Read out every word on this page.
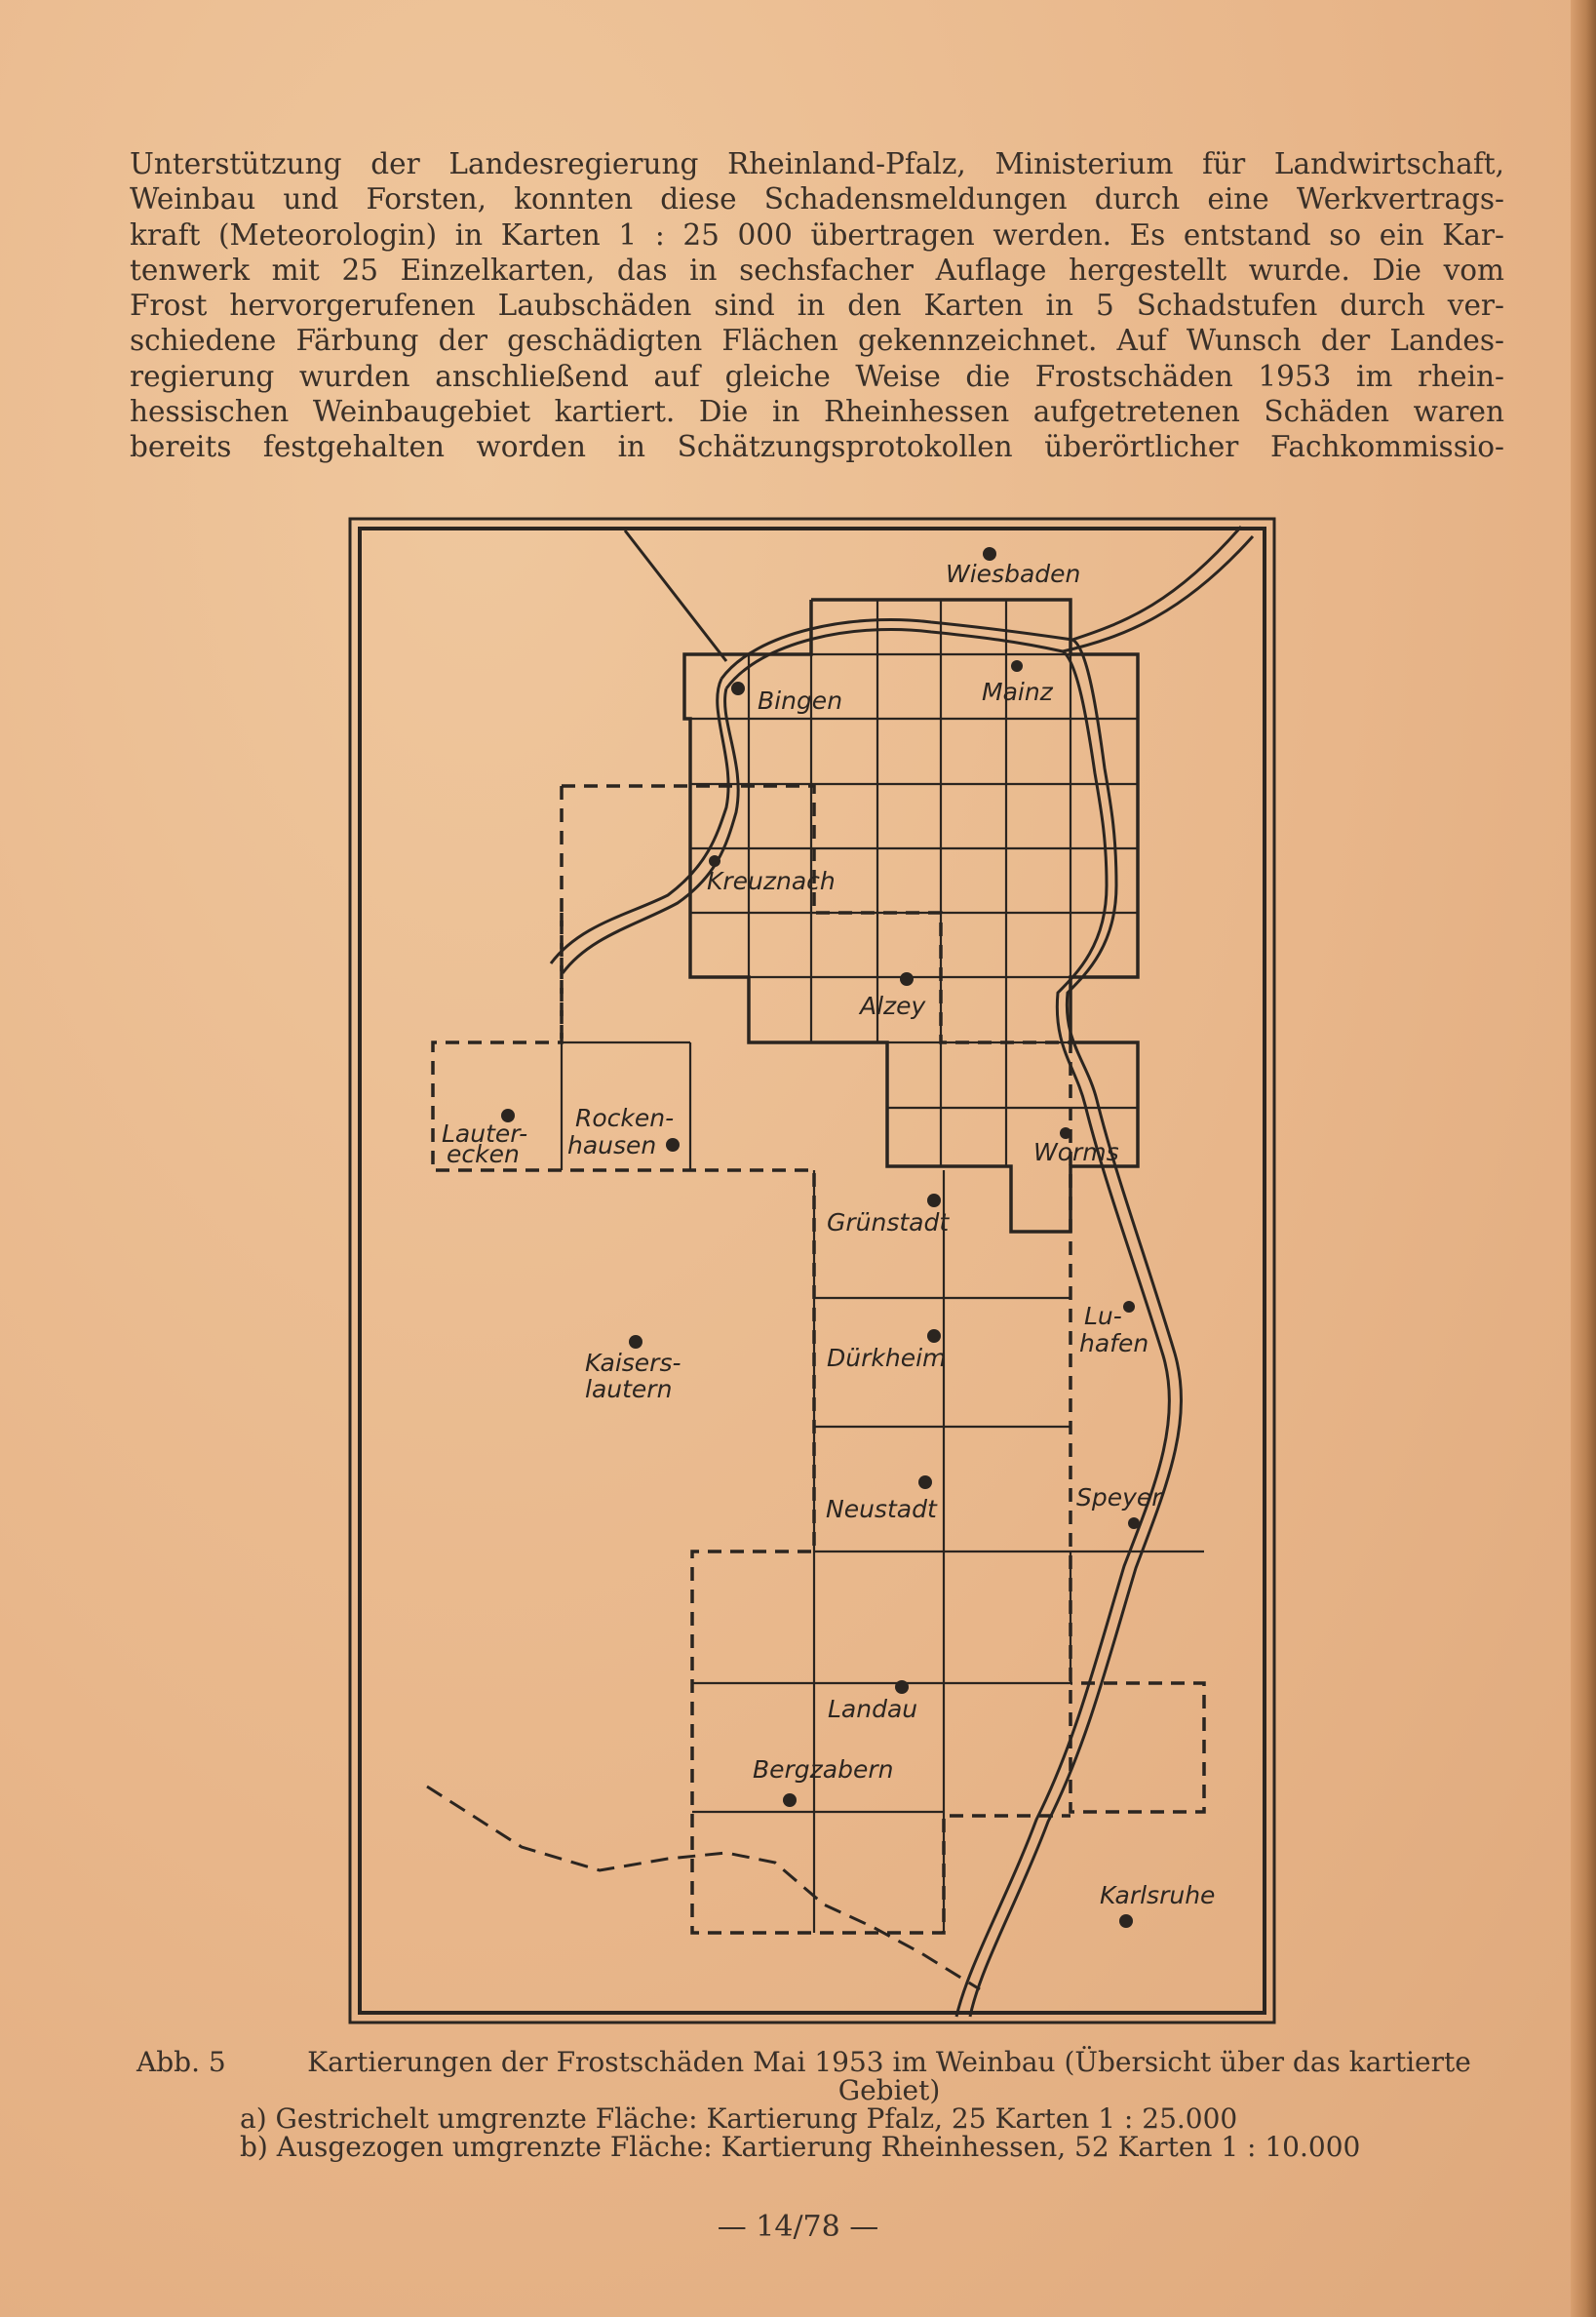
Unterstützung der Landesregierung Rheinland-Pfalz, Ministerium für Landwirtschaft,
Weinbau und Forsten, konnten diese Schadensmeldungen durch eine Werkvertrags-
kraft (Meteorologin) in Karten 1 : 25 000 übertragen werden. Es entstand so ein Kar-
tenwerk mit 25 Einzelkarten, das in sechsfacher Auflage hergestellt wurde. Die vom
Frost hervorgerufenen Laubschäden sind in den Karten in 5 Schadstufen durch ver-
schiedene Färbung der geschädigten Flächen gekennzeichnet. Auf Wunsch der Landes-
regierung wurden anschließend auf gleiche Weise die Frostschäden 1953 im rhein-
hessischen Weinbaugebiet kartiert. Die in Rheinhessen aufgetretenen Schäden waren
bereits festgehalten worden in Schätzungsprotokollen überörtlicher Fachkommissio-

Wiesbaden
Bingen	Mainz
Kreuznach
Alzey
Lauter-
ecken
Rocken-
hausen	Worms
Grünstadt
Lu-
hafen
Kaisers-
lautern
Dürkheim
Neustadt	Speyer
Landau
Bergzabern
Karlsruhe
Abb. 5	Kartierungen der Frostschäden Mai 1953 im Weinbau (Übersicht über das kartierte Gebiet)
a) Gestrichelt umgrenzte Fläche: Kartierung Pfalz, 25 Karten 1 : 25.000
b) Ausgezogen umgrenzte Fläche: Kartierung Rheinhessen, 52 Karten 1 : 10.000
— 14/78 —
